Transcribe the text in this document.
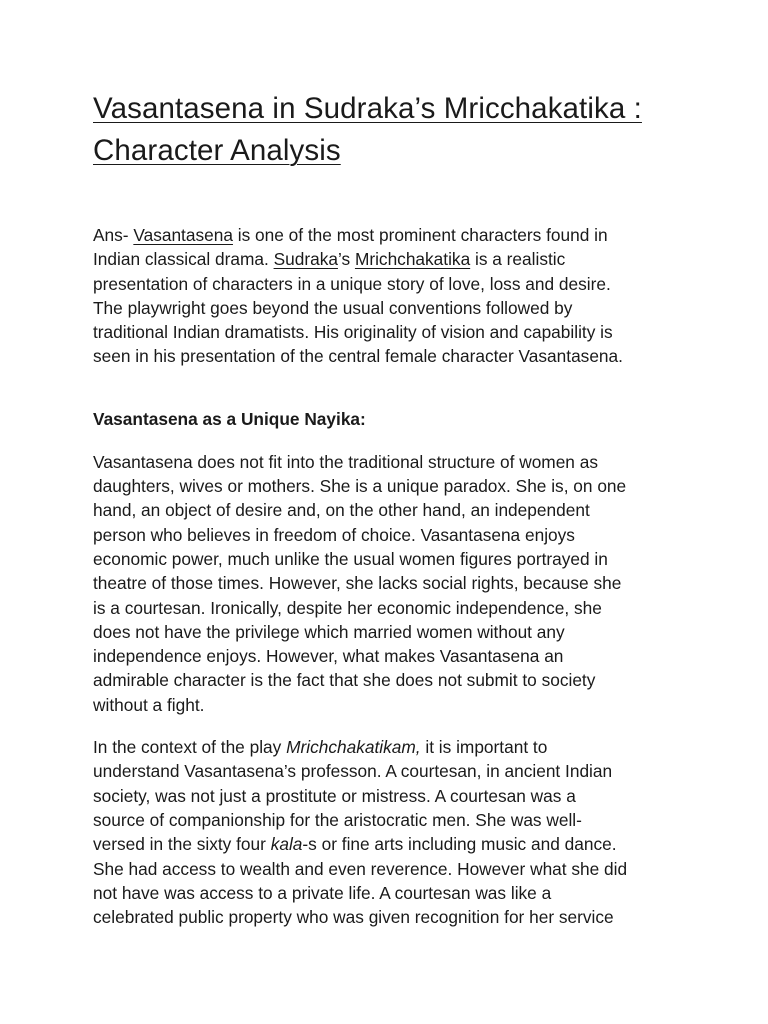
Vasantasena in Sudraka’s Mricchakatika :
Character Analysis

Ans- Vasantasena is one of the most prominent characters found in
Indian classical drama. Sudraka’s Mrichchakatika is a realistic
presentation of characters in a unique story of love, loss and desire.
The playwright goes beyond the usual conventions followed by
traditional Indian dramatists. His originality of vision and capability is
seen in his presentation of the central female character Vasantasena.

Vasantasena as a Unique Nayika:

Vasantasena does not fit into the traditional structure of women as
daughters, wives or mothers. She is a unique paradox. She is, on one
hand, an object of desire and, on the other hand, an independent
person who believes in freedom of choice. Vasantasena enjoys
economic power, much unlike the usual women figures portrayed in
theatre of those times. However, she lacks social rights, because she
is a courtesan. Ironically, despite her economic independence, she
does not have the privilege which married women without any
independence enjoys. However, what makes Vasantasena an
admirable character is the fact that she does not submit to society
without a fight.

In the context of the play Mrichchakatikam, it is important to
understand Vasantasena’s professon. A courtesan, in ancient Indian
society, was not just a prostitute or mistress. A courtesan was a
source of companionship for the aristocratic men. She was well-
versed in the sixty four kala-s or fine arts including music and dance.
She had access to wealth and even reverence. However what she did
not have was access to a private life. A courtesan was like a
celebrated public property who was given recognition for her service
